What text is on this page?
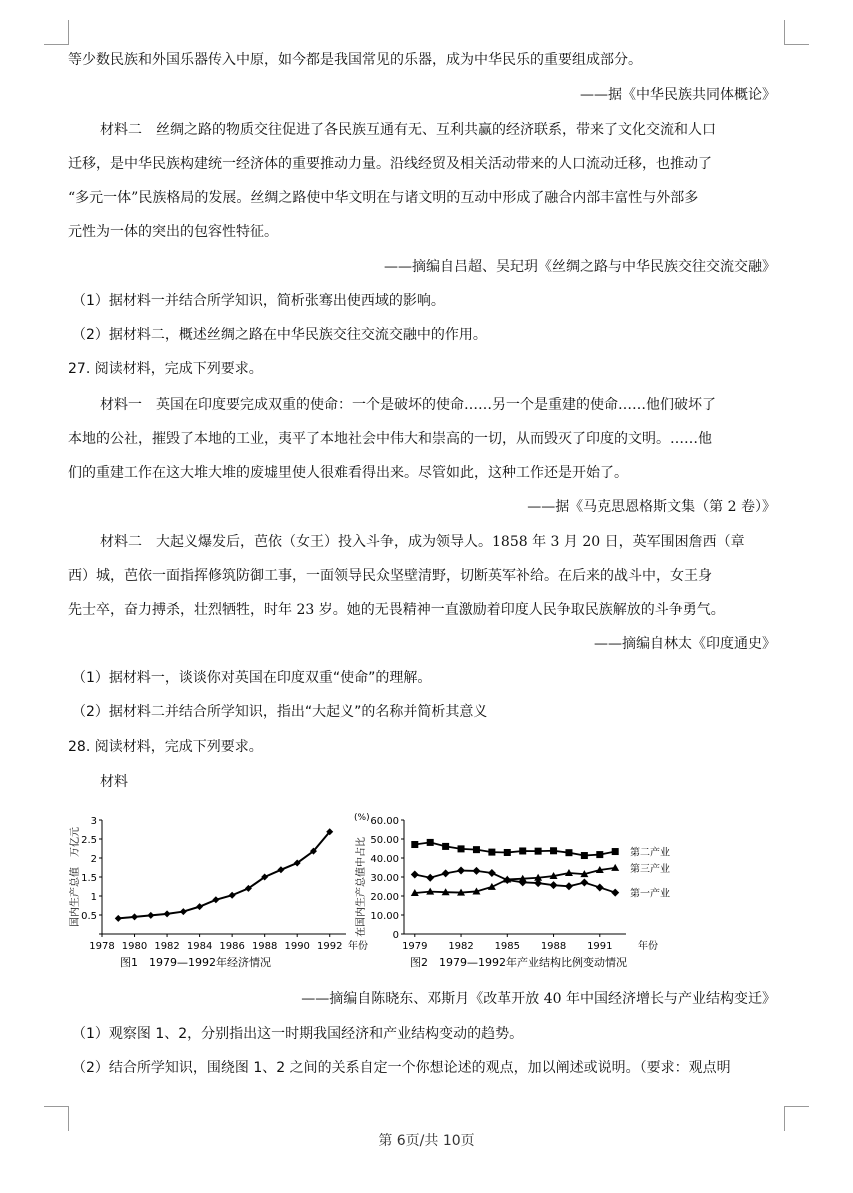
等少数民族和外国乐器传入中原，如今都是我国常见的乐器，成为中华民乐的重要组成部分。
——据《中华民族共同体概论》
材料二　丝绸之路的物质交往促进了各民族互通有无、互利共赢的经济联系，带来了文化交流和人口
迁移，是中华民族构建统一经济体的重要推动力量。沿线经贸及相关活动带来的人口流动迁移，也推动了
“多元一体”民族格局的发展。丝绸之路使中华文明在与诸文明的互动中形成了融合内部丰富性与外部多
元性为一体的突出的包容性特征。
——摘编自吕超、吴玘玥《丝绸之路与中华民族交往交流交融》
（1）据材料一并结合所学知识，简析张骞出使西域的影响。
（2）据材料二，概述丝绸之路在中华民族交往交流交融中的作用。
27. 阅读材料，完成下列要求。
材料一　英国在印度要完成双重的使命：一个是破坏的使命……另一个是重建的使命……他们破坏了
本地的公社，摧毁了本地的工业，夷平了本地社会中伟大和崇高的一切，从而毁灭了印度的文明。……他
们的重建工作在这大堆大堆的废墟里使人很难看得出来。尽管如此，这种工作还是开始了。
——据《马克思恩格斯文集（第 2 卷）》
材料二　大起义爆发后，芭依（女王）投入斗争，成为领导人。1858 年 3 月 20 日，英军围困詹西（章
西）城，芭依一面指挥修筑防御工事，一面领导民众坚壁清野，切断英军补给。在后来的战斗中，女王身
先士卒，奋力搏杀，壮烈牺牲，时年 23 岁。她的无畏精神一直激励着印度人民争取民族解放的斗争勇气。
——摘编自林太《印度通史》
（1）据材料一，谈谈你对英国在印度双重“使命”的理解。
（2）据材料二并结合所学知识，指出“大起义”的名称并简析其意义
28. 阅读材料，完成下列要求。
材料
0.5
1
1.5
2
2.5
3
1978 1980 1982 1984 1986 1988 1990 1992 年份
国内生产总值　万亿元
图1　1979—1992年经济情况
0
10.00
20.00
30.00
40.00
50.00
60.00
1979 1982 1985 1988 1991	年份
(%)
在国内生产总值中占比	第二产业
第三产业
第一产业
图2　1979—1992年产业结构比例变动情况
——摘编自陈晓东、邓斯月《改革开放 40 年中国经济增长与产业结构变迁》
（1）观察图 1、2，分别指出这一时期我国经济和产业结构变动的趋势。
（2）结合所学知识，围绕图 1、2 之间的关系自定一个你想论述的观点，加以阐述或说明。（要求：观点明
第 6页/共 10页
